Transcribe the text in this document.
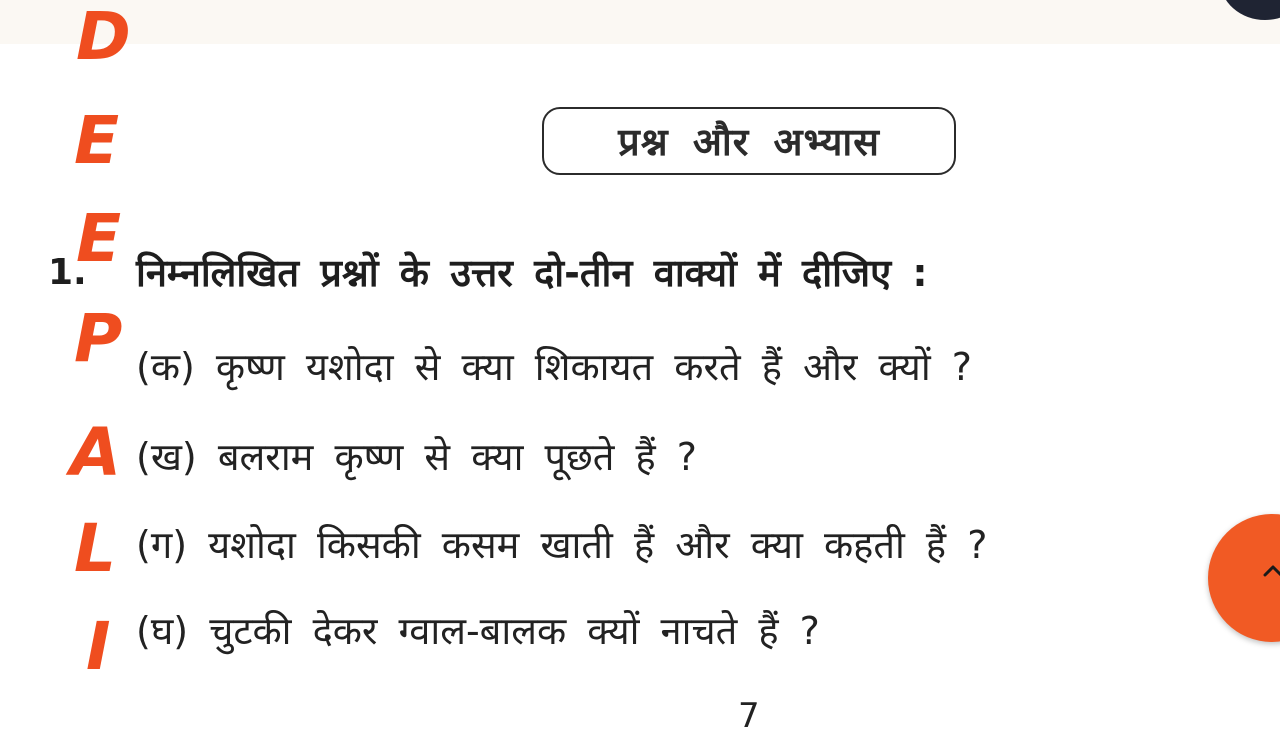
D
E
E
P
A
L
I
प्रश्न और अभ्यास
1. निम्नलिखित प्रश्नों के उत्तर दो-तीन वाक्यों में दीजिए :
(क) कृष्ण यशोदा से क्या शिकायत करते हैं और क्यों ?
(ख) बलराम कृष्ण से क्या पूछते हैं ?
(ग) यशोदा किसकी कसम खाती हैं और क्या कहती हैं ?
(घ) चुटकी देकर ग्वाल-बालक क्यों नाचते हैं ?
7
